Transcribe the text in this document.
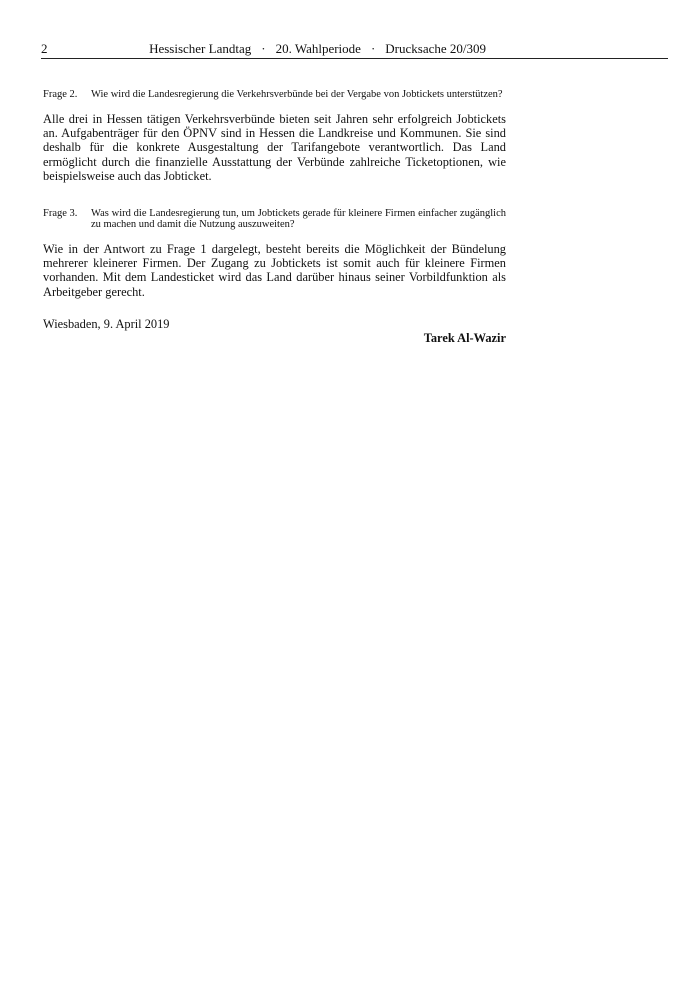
2	Hessischer Landtag · 20. Wahlperiode · Drucksache 20/309
Frage 2.	Wie wird die Landesregierung die Verkehrsverbünde bei der Vergabe von Jobtickets unterstützen?

Alle drei in Hessen tätigen Verkehrsverbünde bieten seit Jahren sehr erfolgreich Jobtickets an. Aufgabenträger für den ÖPNV sind in Hessen die Landkreise und Kommunen. Sie sind deshalb für die konkrete Ausgestaltung der Tarifangebote verantwortlich. Das Land ermöglicht durch die finanzielle Ausstattung der Verbünde zahlreiche Ticketoptionen, wie beispielsweise auch das Jobticket.

Frage 3.	Was wird die Landesregierung tun, um Jobtickets gerade für kleinere Firmen einfacher zugänglich zu machen und damit die Nutzung auszuweiten?

Wie in der Antwort zu Frage 1 dargelegt, besteht bereits die Möglichkeit der Bündelung mehrerer kleinerer Firmen. Der Zugang zu Jobtickets ist somit auch für kleinere Firmen vorhanden. Mit dem Landesticket wird das Land darüber hinaus seiner Vorbildfunktion als Arbeitgeber gerecht.

Wiesbaden, 9. April 2019
Tarek Al-Wazir
